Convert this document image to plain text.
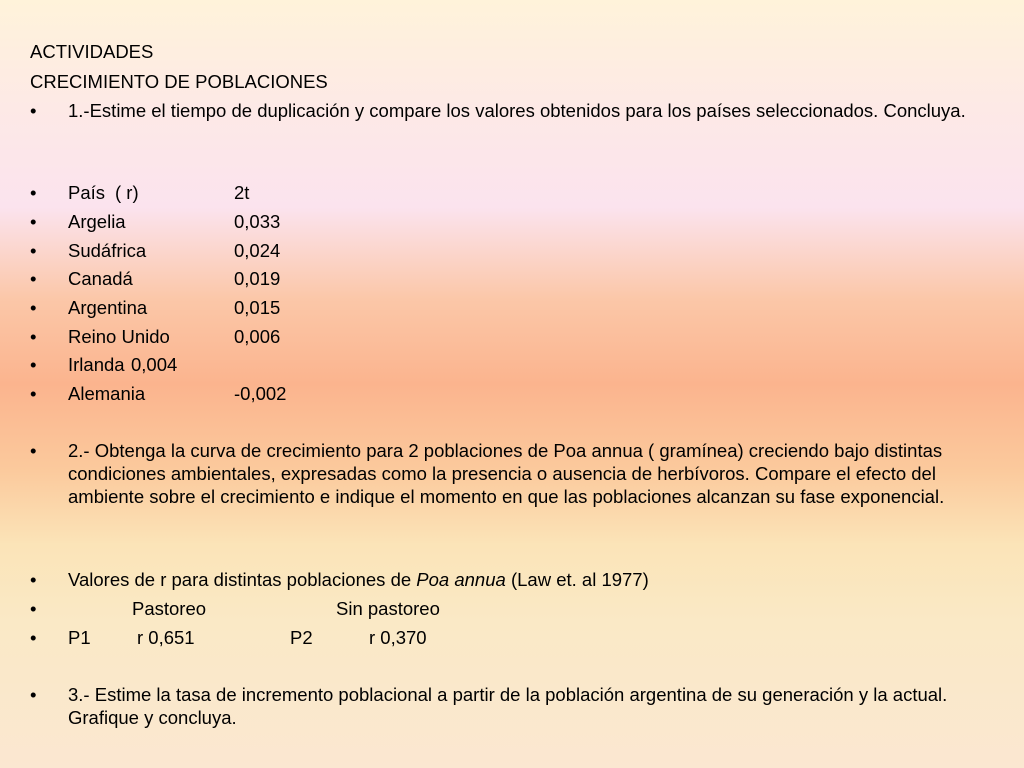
ACTIVIDADES
CRECIMIENTO DE POBLACIONES
•	1.-Estime el tiempo de duplicación y compare los valores obtenidos para los países seleccionados. Concluya.
•	País ( r)	2t
•	Argelia	0,033
•	Sudáfrica	0,024
•	Canadá	0,019
•	Argentina	0,015
•	Reino Unido	0,006
•	Irlanda 0,004
•	Alemania	-0,002
•	2.- Obtenga la curva de crecimiento para 2 poblaciones de Poa annua ( gramínea) creciendo bajo distintas condiciones ambientales, expresadas como la presencia o ausencia de herbívoros. Compare el efecto del ambiente sobre el crecimiento e indique el momento en que las poblaciones alcanzan su fase exponencial.
•	Valores de r para distintas poblaciones de Poa annua (Law et. al 1977)
•	Pastoreo	Sin pastoreo
•	P1	r 0,651	P2	r 0,370
•	3.- Estime la tasa de incremento poblacional a partir de la población argentina de su generación y la actual. Grafique y concluya.
